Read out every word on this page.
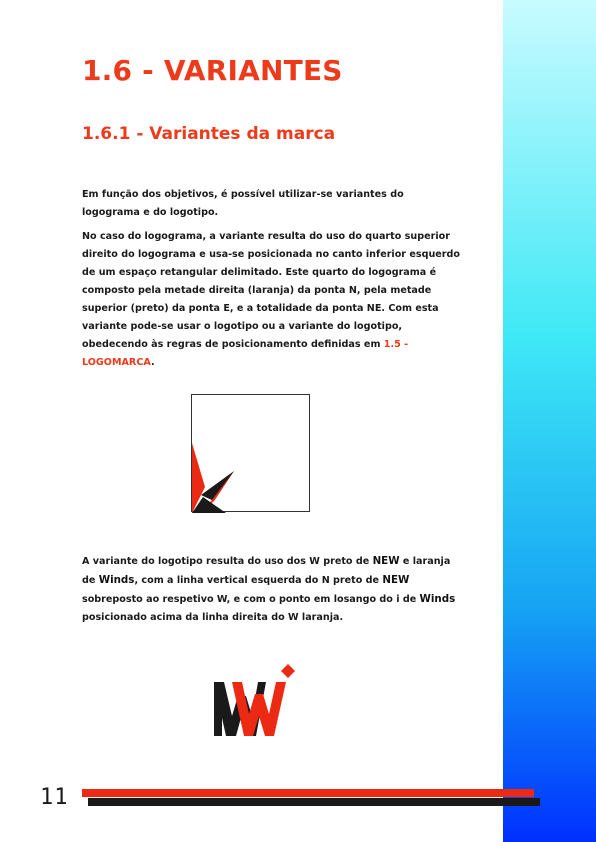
1.6 - VARIANTES
1.6.1 - Variantes da marca

Em função dos objetivos, é possível utilizar-se variantes do logograma e do logotipo.

No caso do logograma, a variante resulta do uso do quarto superior direito do logograma e usa-se posicionada no canto inferior esquerdo de um espaço retangular delimitado. Este quarto do logograma é composto pela metade direita (laranja) da ponta N, pela metade superior (preto) da ponta E, e a totalidade da ponta NE. Com esta variante pode-se usar o logotipo ou a variante do logotipo, obedecendo às regras de posicionamento definidas em 1.5 - LOGOMARCA.

A variante do logotipo resulta do uso dos W preto de NEW e laranja de Winds, com a linha vertical esquerda do N preto de NEW sobreposto ao respetivo W, e com o ponto em losango do i de Winds posicionado acima da linha direita do W laranja.

11
